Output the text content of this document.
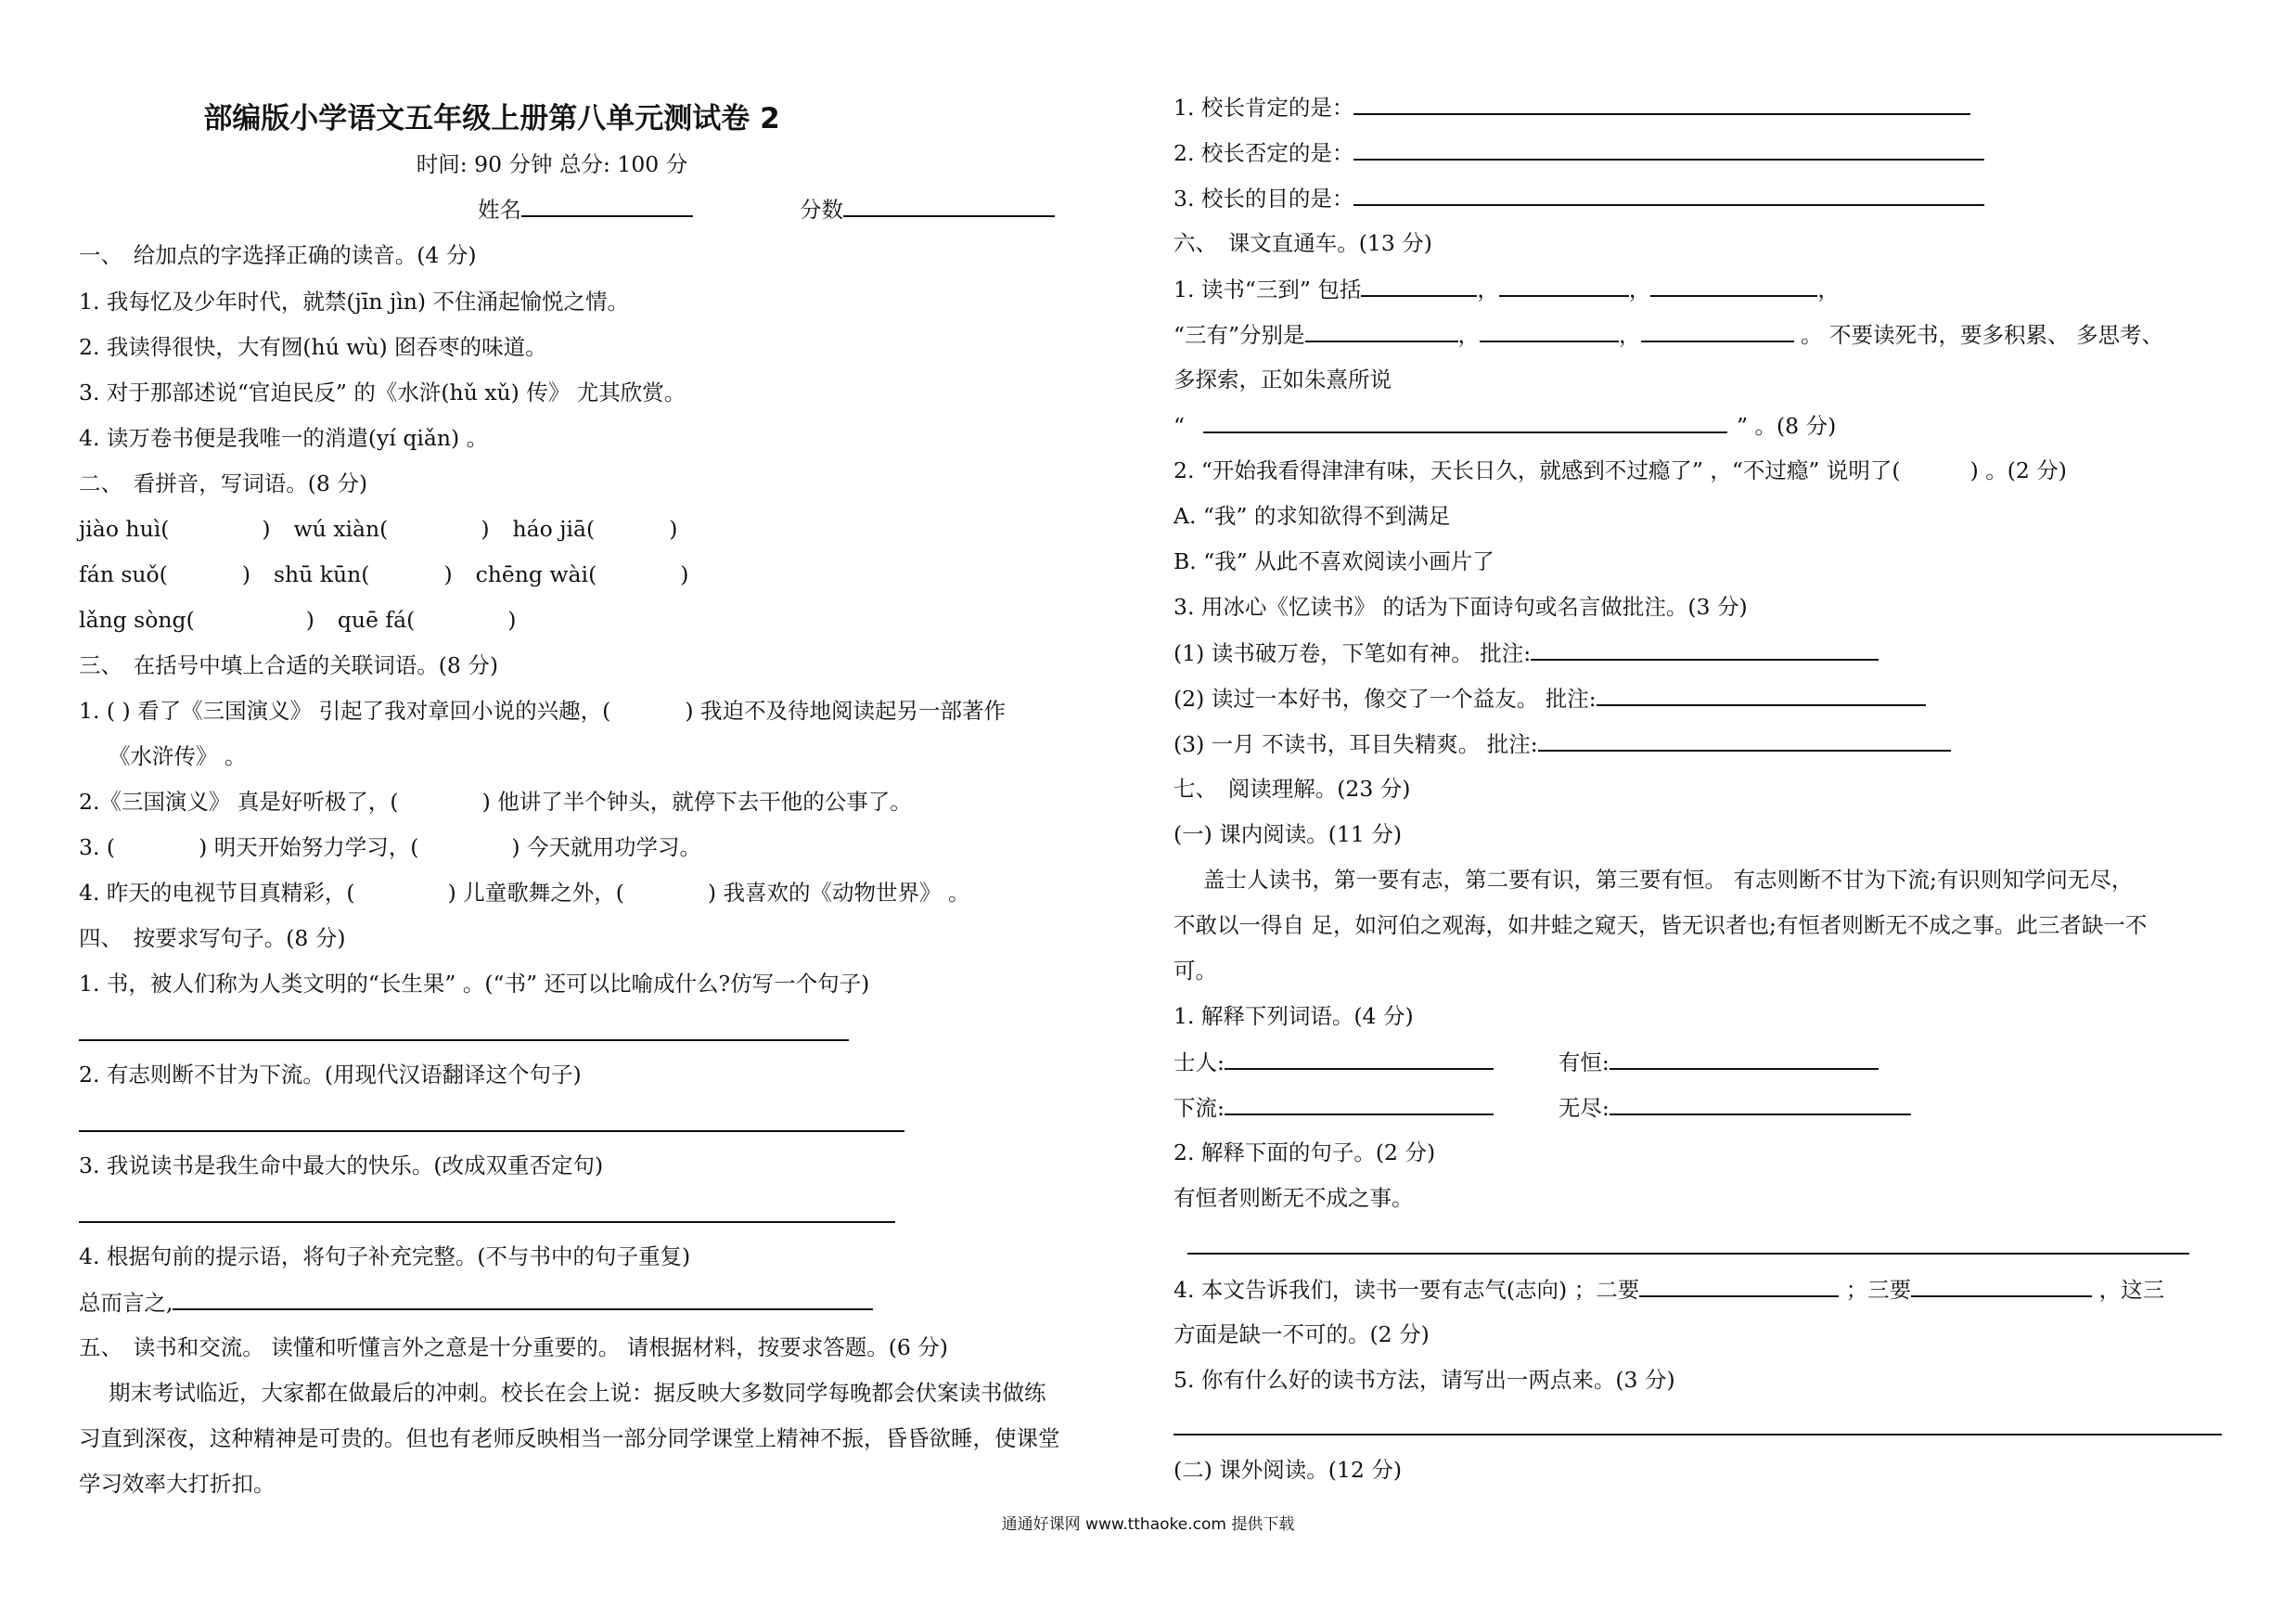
部编版小学语文五年级上册第八单元测试卷 2
时间: 90 分钟 总分: 100 分
姓名	分数
一、　给加点的字选择正确的读音。(4 分)
1. 我每忆及少年时代，就禁(jīn jìn) 不住涌起愉悦之情。
2. 我读得很快，大有囫(hú wù) 囵吞枣的味道。
3. 对于那部述说“官迫民反” 的《水浒(hǔ xǔ) 传》 尤其欣赏。
4. 读万卷书便是我唯一的消遣(yí qiǎn) 。
二、　看拼音，写词语。(8 分)
jiào huì(	)  wú xiàn(	)  háo jiā(	)
fán suǒ(	)  shū kūn(	)  chēng wài(	)
lǎng sòng(	)  quē fá(	)
三、　在括号中填上合适的关联词语。(8 分)
1. ( ) 看了《三国演义》 引起了我对章回小说的兴趣，(	) 我迫不及待地阅读起另一部著作
《水浒传》 。
2.《三国演义》 真是好听极了，(	) 他讲了半个钟头，就停下去干他的公事了。
3. (	) 明天开始努力学习，(	) 今天就用功学习。
4. 昨天的电视节目真精彩，(	) 儿童歌舞之外，(	) 我喜欢的《动物世界》 。
四、　按要求写句子。(8 分)
1. 书，被人们称为人类文明的“长生果” 。(“书” 还可以比喻成什么?仿写一个句子)
2. 有志则断不甘为下流。(用现代汉语翻译这个句子)
3. 我说读书是我生命中最大的快乐。(改成双重否定句)
4. 根据句前的提示语，将句子补充完整。(不与书中的句子重复)
总而言之,
五、　读书和交流。 读懂和听懂言外之意是十分重要的。 请根据材料，按要求答题。(6 分)
期末考试临近，大家都在做最后的冲刺。校长在会上说：据反映大多数同学每晚都会伏案读书做练
习直到深夜，这种精神是可贵的。但也有老师反映相当一部分同学课堂上精神不振，昏昏欲睡，使课堂
学习效率大打折扣。
1. 校长肯定的是：
2. 校长否定的是：
3. 校长的目的是：
六、　课文直通车。(13 分)
1. 读书“三到” 包括	，	，	，
“三有”分别是	，	，	。 不要读死书，要多积累、 多思考、
多探索，正如朱熹所说
“	” 。(8 分)
2. “开始我看得津津有味，天长日久，就感到不过瘾了” ，“不过瘾” 说明了(	) 。(2 分)
A. “我” 的求知欲得不到满足
B. “我” 从此不喜欢阅读小画片了
3. 用冰心《忆读书》 的话为下面诗句或名言做批注。(3 分)
(1) 读书破万卷，下笔如有神。 批注:
(2) 读过一本好书，像交了一个益友。 批注:
(3) 一月 不读书，耳目失精爽。 批注:
七、　阅读理解。(23 分)
(一) 课内阅读。(11 分)
盖士人读书，第一要有志，第二要有识，第三要有恒。 有志则断不甘为下流;有识则知学问无尽，
不敢以一得自 足，如河伯之观海，如井蛙之窥天，皆无识者也;有恒者则断无不成之事。此三者缺一不
可。
1. 解释下列词语。(4 分)
士人:	有恒:
下流:	无尽:
2. 解释下面的句子。(2 分)
有恒者则断无不成之事。
4. 本文告诉我们，读书一要有志气(志向) ；二要	；三要	，这三
方面是缺一不可的。(2 分)
5. 你有什么好的读书方法，请写出一两点来。(3 分)
(二) 课外阅读。(12 分)
通通好课网 www.tthaoke.com 提供下载
